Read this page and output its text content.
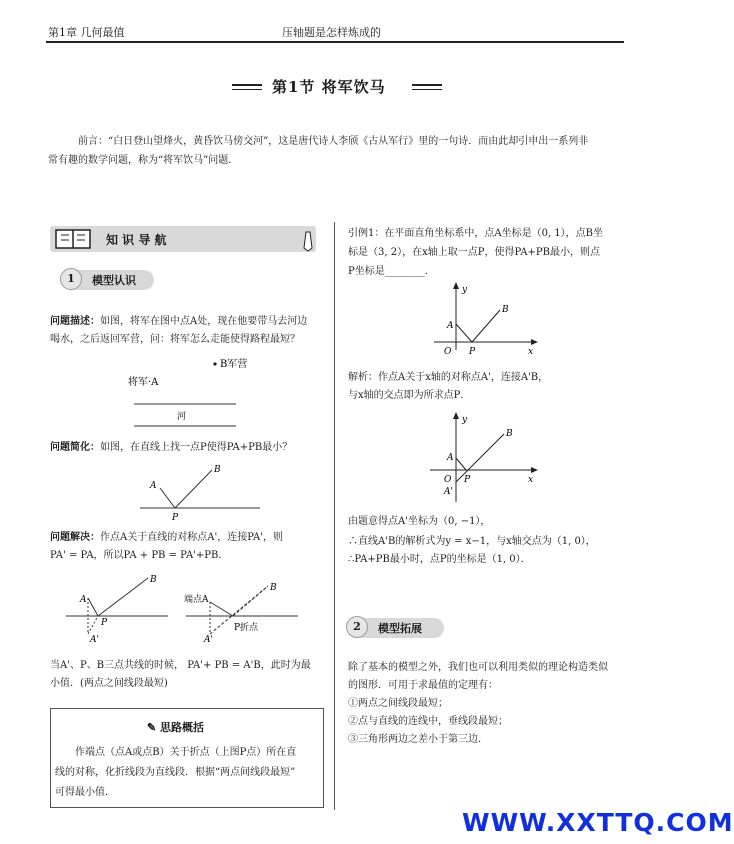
第1章 几何最值	压轴题是怎样炼成的
第1节 将军饮马
前言：“白日登山望烽火，黄昏饮马傍交河”，这是唐代诗人李颀《古从军行》里的一句诗．而由此却引申出一系列非
常有趣的数学问题，称为“将军饮马”问题．
知 识 导 航
1	模型认识
问题描述：如图，将军在图中点A处，现在他要带马去河边
喝水，之后返回军营，问：将军怎么走能使得路程最短？
B军营
将军·A
河
问题简化：如图，在直线上找一点P使得PA+PB最小？
A
B
P
问题解决：作点A关于直线的对称点A'，连接PA'，则
PA' = PA，所以PA + PB = PA'+PB．
A
B
P
A'
端点A
B
P折点
A'
当A'、P、B三点共线的时候， PA'+ PB = A'B，此时为最
小值．(两点之间线段最短)
✎ 思路概括
作端点（点A或点B）关于折点（上图P点）所在直
线的对称，化折线段为直线段．根据“两点间线段最短”
可得最小值．
引例1：在平面直角坐标系中，点A坐标是（0, 1），点B坐
标是（3, 2），在x轴上取一点P，使得PA+PB最小，则点
P坐标是________．
y
x
O
A
B
P
解析：作点A关于x轴的对称点A'，连接A'B，
与x轴的交点即为所求点P．
y
x
O
A
B
P
A'
由题意得点A'坐标为（0, −1），
∴直线A'B的解析式为y = x−1，与x轴交点为（1, 0），
∴PA+PB最小时，点P的坐标是（1, 0）．
2	模型拓展
除了基本的模型之外，我们也可以利用类似的理论构造类似
的图形．可用于求最值的定理有：
①两点之间线段最短；
②点与直线的连线中，垂线段最短；
③三角形两边之差小于第三边．
WWW.XXTTQ.COM
